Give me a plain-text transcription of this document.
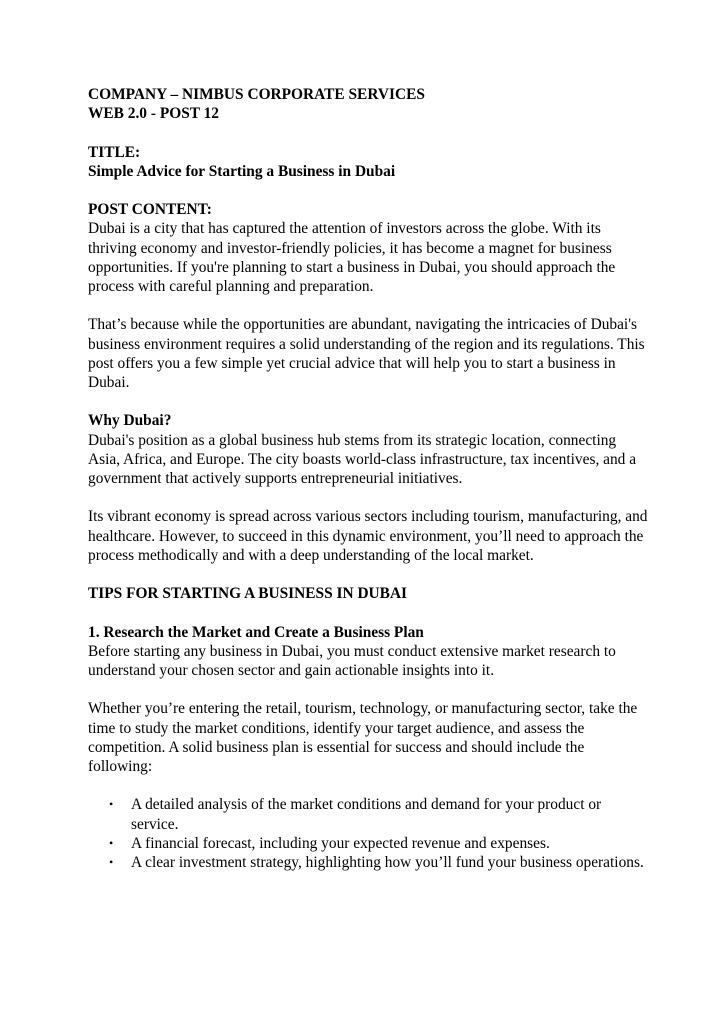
COMPANY – NIMBUS CORPORATE SERVICES
WEB 2.0 - POST 12
TITLE:
Simple Advice for Starting a Business in Dubai
POST CONTENT:

Dubai is a city that has captured the attention of investors across the globe. With its thriving economy and investor-friendly policies, it has become a magnet for business opportunities. If you're planning to start a business in Dubai, you should approach the process with careful planning and preparation.

That’s because while the opportunities are abundant, navigating the intricacies of Dubai's business environment requires a solid understanding of the region and its regulations. This post offers you a few simple yet crucial advice that will help you to start a business in Dubai.

Why Dubai?

Dubai's position as a global business hub stems from its strategic location, connecting Asia, Africa, and Europe. The city boasts world-class infrastructure, tax incentives, and a government that actively supports entrepreneurial initiatives.

Its vibrant economy is spread across various sectors including tourism, manufacturing, and healthcare. However, to succeed in this dynamic environment, you’ll need to approach the process methodically and with a deep understanding of the local market.

TIPS FOR STARTING A BUSINESS IN DUBAI
1. Research the Market and Create a Business Plan

Before starting any business in Dubai, you must conduct extensive market research to understand your chosen sector and gain actionable insights into it.

Whether you’re entering the retail, tourism, technology, or manufacturing sector, take the time to study the market conditions, identify your target audience, and assess the competition. A solid business plan is essential for success and should include the following:

• A detailed analysis of the market conditions and demand for your product or service.
• A financial forecast, including your expected revenue and expenses.
• A clear investment strategy, highlighting how you’ll fund your business operations.
